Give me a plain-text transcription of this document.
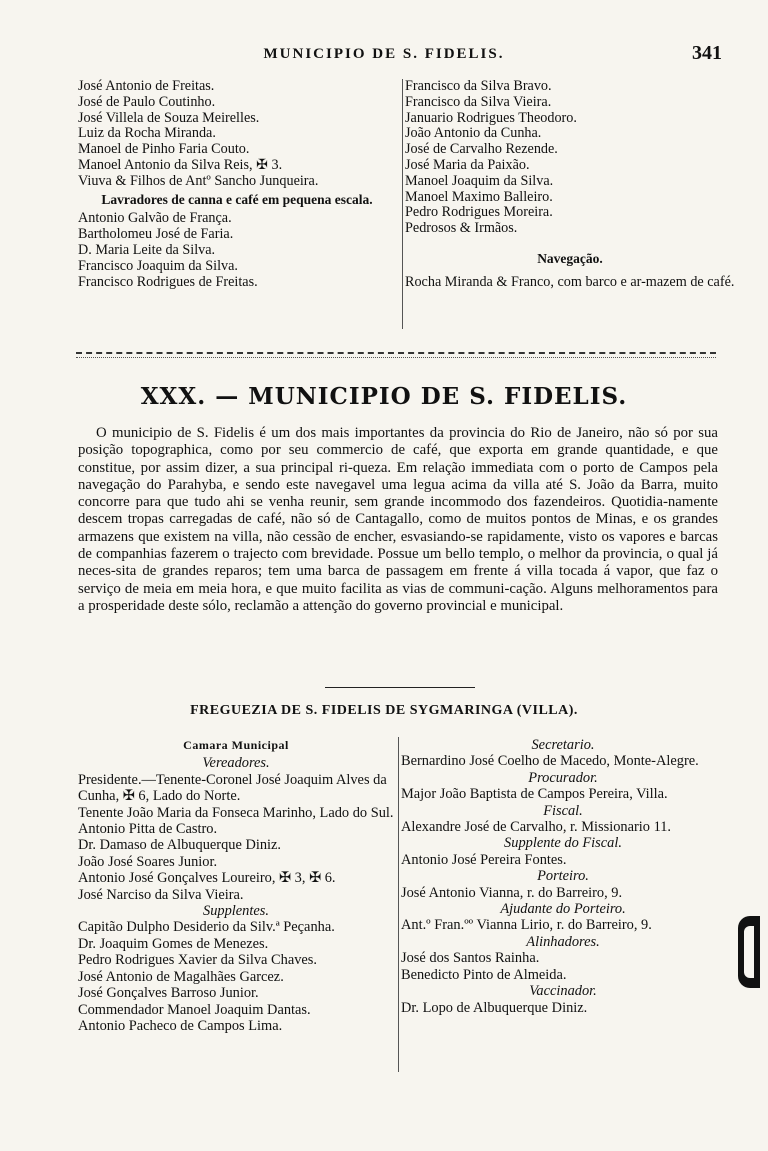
MUNICIPIO DE S. FIDELIS.	341
José Antonio de Freitas.
José de Paulo Coutinho.
José Villela de Souza Meirelles.
Luiz da Rocha Miranda.
Manoel de Pinho Faria Couto.
Manoel Antonio da Silva Reis, ✠ 3.
Viuva & Filhos de Antº Sancho Junqueira.
Lavradores de canna e café em pequena escala.
Antonio Galvão de França.
Bartholomeu José de Faria.
D. Maria Leite da Silva.
Francisco Joaquim da Silva.
Francisco Rodrigues de Freitas.
Francisco da Silva Bravo.
Francisco da Silva Vieira.
Januario Rodrigues Theodoro.
João Antonio da Cunha.
José de Carvalho Rezende.
José Maria da Paixão.
Manoel Joaquim da Silva.
Manoel Maximo Balleiro.
Pedro Rodrigues Moreira.
Pedrosos & Irmãos.
Navegação.
Rocha Miranda & Franco, com barco e ar-mazem de café.
XXX. — MUNICIPIO DE S. FIDELIS.
O municipio de S. Fidelis é um dos mais importantes da provincia do Rio de Janeiro, não só por sua posição topographica, como por seu commercio de café, que exporta em grande quantidade, e que constitue, por assim dizer, a sua principal ri-queza. Em relação immediata com o porto de Campos pela navegação do Parahyba, e sendo este navegavel uma legua acima da villa até S. João da Barra, muito concorre para que tudo ahi se venha reunir, sem grande incommodo dos fazendeiros. Quotidia-namente descem tropas carregadas de café, não só de Cantagallo, como de muitos pontos de Minas, e os grandes armazens que existem na villa, não cessão de encher, esvasiando-se rapidamente, visto os vapores e barcas de companhias fazerem o trajecto com brevidade. Possue um bello templo, o melhor da provincia, o qual já neces-sita de grandes reparos; tem uma barca de passagem em frente á villa tocada á vapor, que faz o serviço de meia em meia hora, e que muito facilita as vias de communi-cação. Alguns melhoramentos para a prosperidade deste sólo, reclamão a attenção do governo provincial e municipal.
FREGUEZIA DE S. FIDELIS DE SYGMARINGA (VILLA).
Camara Municipal
Vereadores.
Presidente.—Tenente-Coronel José Joaquim Alves da Cunha, ✠ 6, Lado do Norte.
Tenente João Maria da Fonseca Marinho, Lado do Sul.
Antonio Pitta de Castro.
Dr. Damaso de Albuquerque Diniz.
João José Soares Junior.
Antonio José Gonçalves Loureiro, ✠ 3, ✠ 6.
José Narciso da Silva Vieira.
Supplentes.
Capitão Dulpho Desiderio da Silv.ª Peçanha.
Dr. Joaquim Gomes de Menezes.
Pedro Rodrigues Xavier da Silva Chaves.
José Antonio de Magalhães Garcez.
José Gonçalves Barroso Junior.
Commendador Manoel Joaquim Dantas.
Antonio Pacheco de Campos Lima.
Secretario.
Bernardino José Coelho de Macedo, Monte-Alegre.
Procurador.
Major João Baptista de Campos Pereira, Villa.
Fiscal.
Alexandre José de Carvalho, r. Missionario 11.
Supplente do Fiscal.
Antonio José Pereira Fontes.
Porteiro.
José Antonio Vianna, r. do Barreiro, 9.
Ajudante do Porteiro.
Ant.º Fran.ºº Vianna Lirio, r. do Barreiro, 9.
Alinhadores.
José dos Santos Rainha.
Benedicto Pinto de Almeida.
Vaccinador.
Dr. Lopo de Albuquerque Diniz.
